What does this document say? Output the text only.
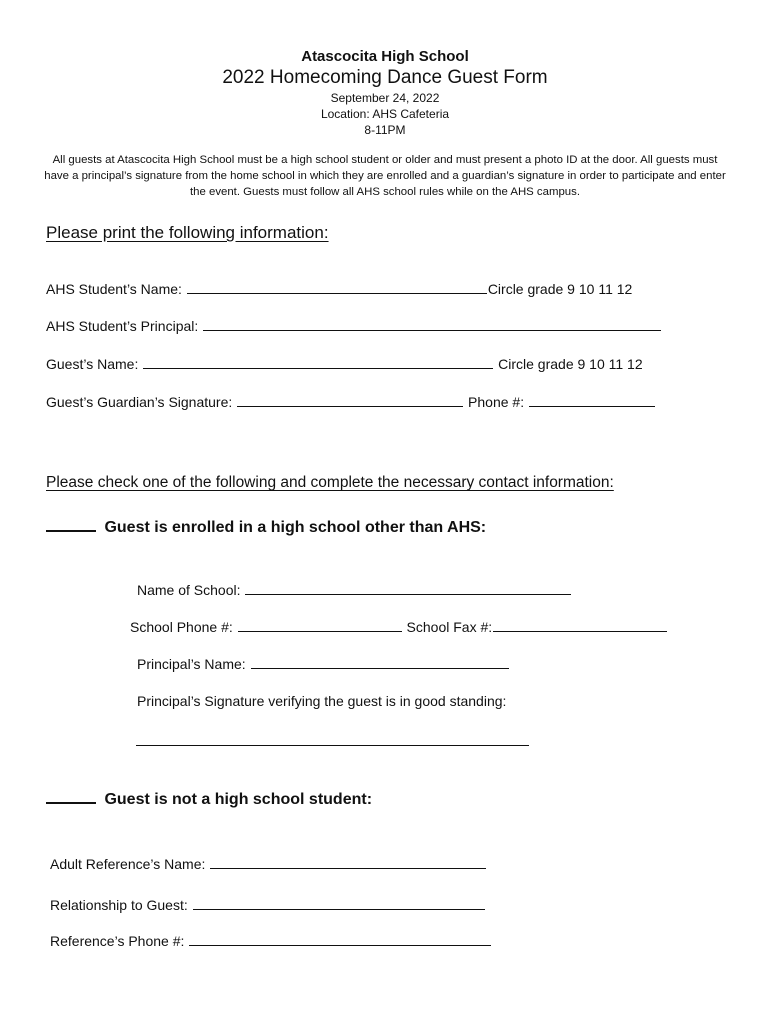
Atascocita High School
2022 Homecoming Dance Guest Form
September 24, 2022
Location: AHS Cafeteria
8-11PM
All guests at Atascocita High School must be a high school student or older and must present a photo ID at the door. All guests must have a principal’s signature from the home school in which they are enrolled and a guardian’s signature in order to participate and enter the event. Guests must follow all AHS school rules while on the AHS campus.
Please print the following information:
AHS Student’s Name:	Circle grade 9 10 11 12
AHS Student’s Principal:
Guest’s Name:	Circle grade 9 10 11 12
Guest’s Guardian’s Signature:	Phone #:
Please check one of the following and complete the necessary contact information:
Guest is enrolled in a high school other than AHS:
Name of School:
School Phone #:	School Fax #:
Principal’s Name:
Principal’s Signature verifying the guest is in good standing:
Guest is not a high school student:
Adult Reference’s Name:
Relationship to Guest:
Reference’s Phone #:
